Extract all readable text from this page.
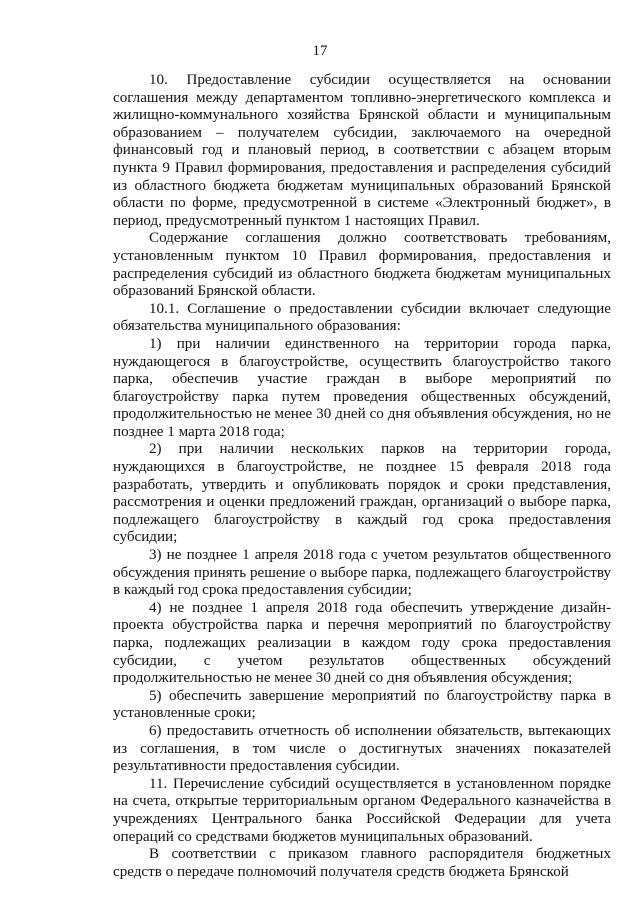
17

10. Предоставление субсидии осуществляется на основании соглашения между департаментом топливно-энергетического комплекса и жилищно-коммунального хозяйства Брянской области и муниципальным образованием – получателем субсидии, заключаемого на очередной финансовый год и плановый период, в соответствии с абзацем вторым пункта 9 Правил формирования, предоставления и распределения субсидий из областного бюджета бюджетам муниципальных образований Брянской области по форме, предусмотренной в системе «Электронный бюджет», в период, предусмотренный пунктом 1 настоящих Правил.

Содержание соглашения должно соответствовать требованиям, установленным пунктом 10 Правил формирования, предоставления и распределения субсидий из областного бюджета бюджетам муниципальных образований Брянской области.

10.1. Соглашение о предоставлении субсидии включает следующие обязательства муниципального образования:

1) при наличии единственного на территории города парка, нуждающегося в благоустройстве, осуществить благоустройство такого парка, обеспечив участие граждан в выборе мероприятий по благоустройству парка путем проведения общественных обсуждений, продолжительностью не менее 30 дней со дня объявления обсуждения, но не позднее 1 марта 2018 года;

2) при наличии нескольких парков на территории города, нуждающихся в благоустройстве, не позднее 15 февраля 2018 года разработать, утвердить и опубликовать порядок и сроки представления, рассмотрения и оценки предложений граждан, организаций о выборе парка, подлежащего благоустройству в каждый год срока предоставления субсидии;

3) не позднее 1 апреля 2018 года с учетом результатов общественного обсуждения принять решение о выборе парка, подлежащего благоустройству в каждый год срока предоставления субсидии;

4) не позднее 1 апреля 2018 года обеспечить утверждение дизайн-проекта обустройства парка и перечня мероприятий по благоустройству парка, подлежащих реализации в каждом году срока предоставления субсидии, с учетом результатов общественных обсуждений продолжительностью не менее 30 дней со дня объявления обсуждения;

5) обеспечить завершение мероприятий по благоустройству парка в установленные сроки;

6) предоставить отчетность об исполнении обязательств, вытекающих из соглашения, в том числе о достигнутых значениях показателей результативности предоставления субсидии.

11. Перечисление субсидий осуществляется в установленном порядке на счета, открытые территориальным органом Федерального казначейства в учреждениях Центрального банка Российской Федерации для учета операций со средствами бюджетов муниципальных образований.

В соответствии с приказом главного распорядителя бюджетных средств о передаче полномочий получателя средств бюджета Брянской
